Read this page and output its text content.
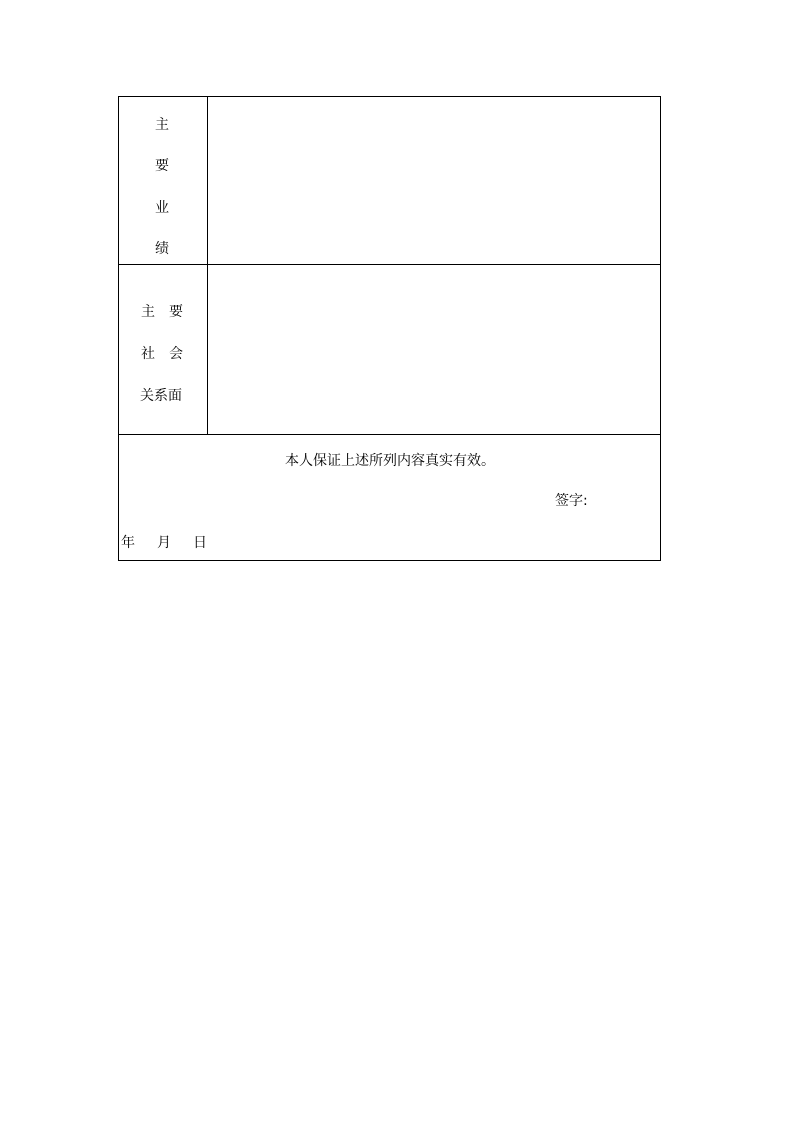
主
要
业
绩
主 要
社 会
关系面
本人保证上述所列内容真实有效。
签字:
年 月 日
